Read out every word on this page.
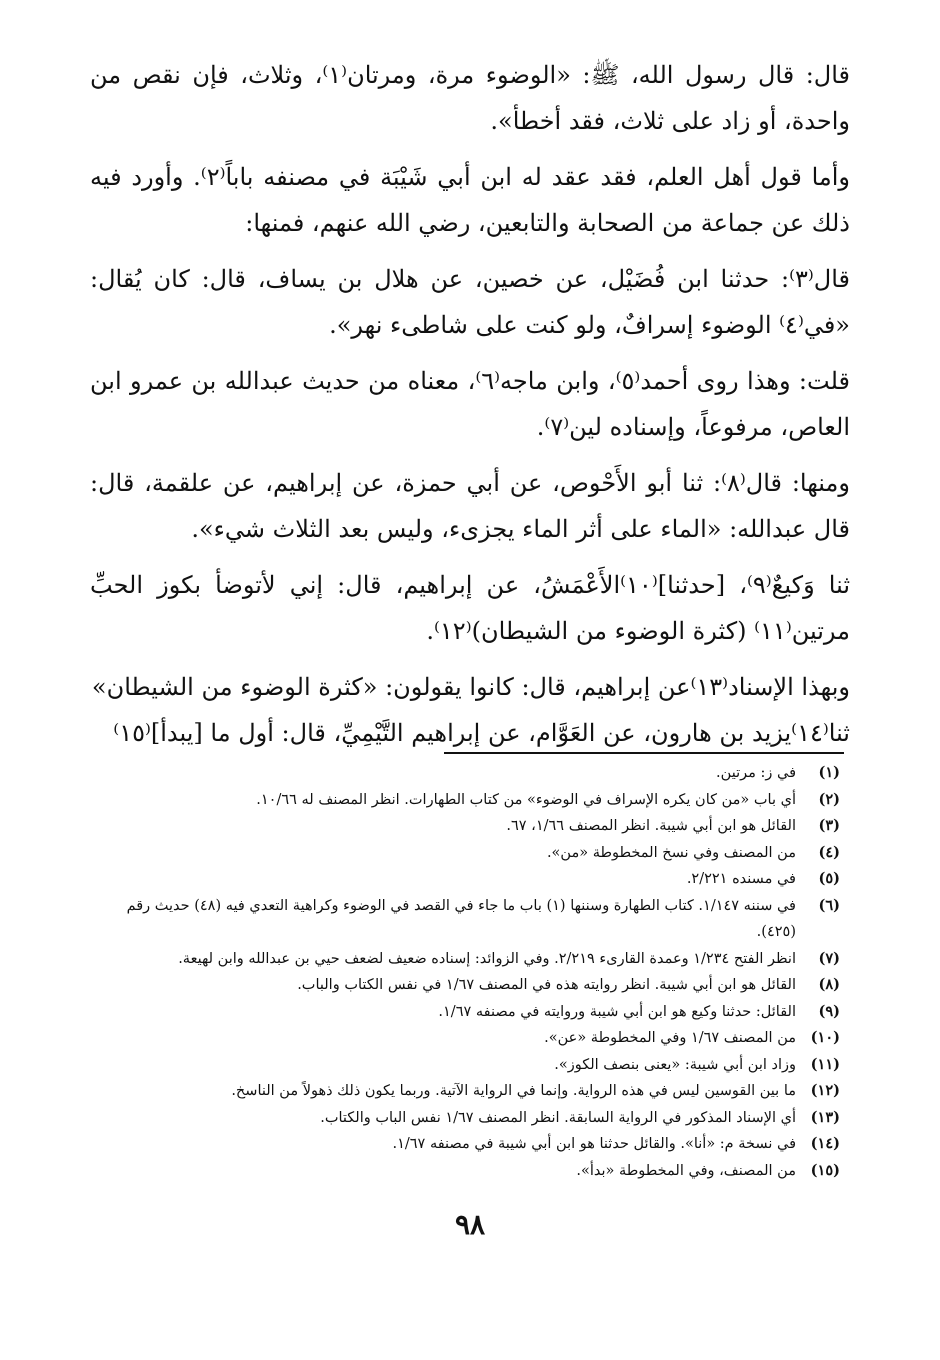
قال: قال رسول الله، ﷺ: «الوضوء مرة، ومرتان⁽١⁾، وثلاث، فإن نقص من واحدة، أو زاد على ثلاث، فقد أخطأ».

وأما قول أهل العلم، فقد عقد له ابن أبي شَيْبَة في مصنفه باباً⁽٢⁾. وأورد فيه ذلك عن جماعة من الصحابة والتابعين، رضي الله عنهم، فمنها:

قال⁽٣⁾: حدثنا ابن فُضَيْل، عن خصين، عن هلال بن يساف، قال: كان يُقال: «في⁽٤⁾ الوضوء إسرافٌ، ولو كنت على شاطىء نهر».

قلت: وهذا روى أحمد⁽٥⁾، وابن ماجه⁽٦⁾، معناه من حديث عبدالله بن عمرو ابن العاص، مرفوعاً، وإسناده لين⁽٧⁾.

ومنها: قال⁽٨⁾: ثنا أبو الأَحْوص، عن أبي حمزة، عن إبراهيم، عن علقمة، قال: قال عبدالله: «الماء على أثر الماء يجزىء، وليس بعد الثلاث شيء».

ثنا وَكيعٌ⁽٩⁾، [حدثنا]⁽١٠⁾الأَعْمَشُ، عن إبراهيم، قال: إني لأتوضأ بكوز الحبِّ مرتين⁽١١⁾ (كثرة الوضوء من الشيطان)⁽١٢⁾.

وبهذا الإسناد⁽١٣⁾عن إبراهيم، قال: كانوا يقولون: «كثرة الوضوء من الشيطان»

ثنا⁽١٤⁾يزيد بن هارون، عن العَوَّام، عن إبراهيم التَّيْمِيِّ، قال: أول ما [يبدأ]⁽١٥⁾

(١)
في ز: مرتين.
(٢)
أي باب «من كان يكره الإسراف في الوضوء» من كتاب الطهارات. انظر المصنف له ١٠/٦٦.
(٣)
القائل هو ابن أبي شيبة. انظر المصنف ١/٦٦، ٦٧.
(٤)
من المصنف وفي نسخ المخطوطة «من».
(٥)
في مسنده ٢/٢٢١.
(٦)
في سننه ١/١٤٧. كتاب الطهارة وسننها (١) باب ما جاء في القصد في الوضوء وكراهية التعدي فيه (٤٨) حديث رقم (٤٢٥).
(٧)
انظر الفتح ١/٢٣٤ وعمدة القارىء ٢/٢١٩. وفي الزوائد: إسناده ضعيف لضعف حيي بن عبدالله وابن لهيعة.
(٨)
القائل هو ابن أبي شيبة. انظر روايته هذه في المصنف ١/٦٧ في نفس الكتاب والباب.
(٩)
القائل: حدثنا وكيع هو ابن أبي شيبة وروايته في مصنفه ١/٦٧.
(١٠)
من المصنف ١/٦٧ وفي المخطوطة «عن».
(١١)
وزاد ابن أبي شيبة: «يعنى بنصف الكوز».
(١٢)
ما بين القوسين ليس في هذه الرواية. وإنما في الرواية الآتية. وربما يكون ذلك ذهولاً من الناسخ.
(١٣)
أي الإسناد المذكور في الرواية السابقة. انظر المصنف ١/٦٧ نفس الباب والكتاب.
(١٤)
في نسخة م: «أنا». والقائل حدثنا هو ابن أبي شيبة في مصنفه ١/٦٧.
(١٥)
من المصنف، وفي المخطوطة «بدأ».
٩٨
